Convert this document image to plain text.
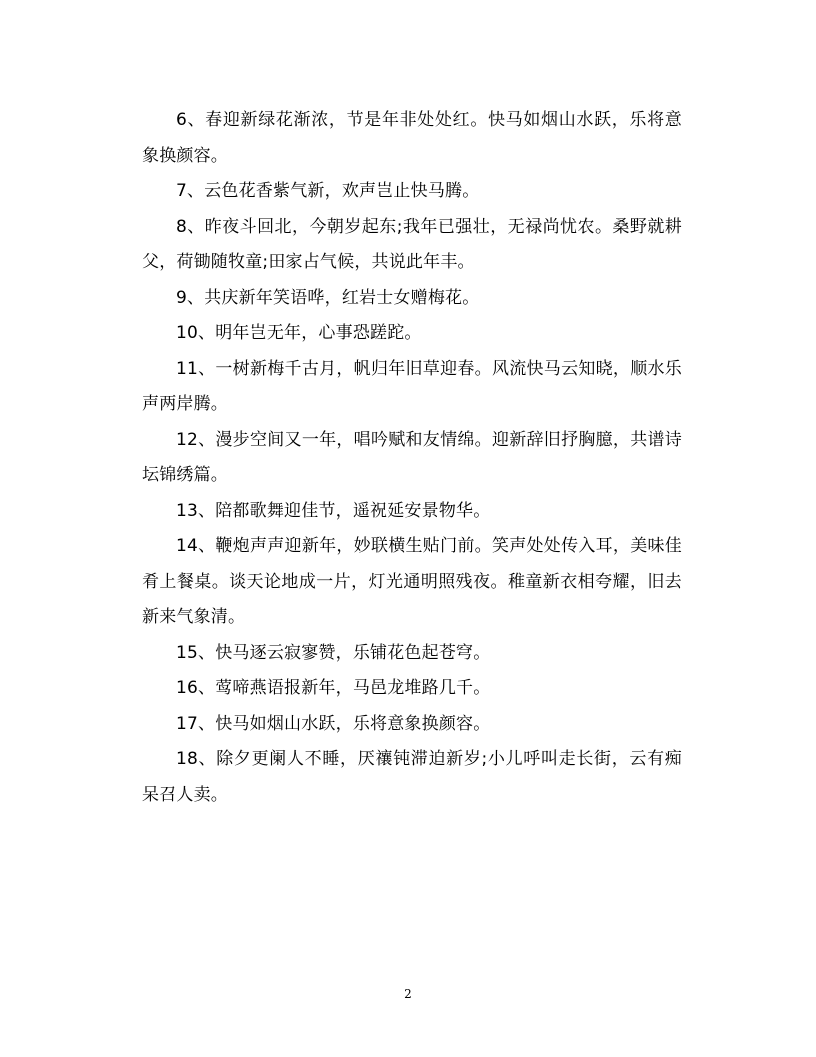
6、春迎新绿花渐浓，节是年非处处红。快马如烟山水跃，乐将意象换颜容。

7、云色花香紫气新，欢声岂止快马腾。

8、昨夜斗回北，今朝岁起东;我年已强壮，无禄尚忧农。桑野就耕父，荷锄随牧童;田家占气候，共说此年丰。

9、共庆新年笑语哗，红岩士女赠梅花。

10、明年岂无年，心事恐蹉跎。

11、一树新梅千古月，帆归年旧草迎春。风流快马云知晓，顺水乐声两岸腾。

12、漫步空间又一年，唱吟赋和友情绵。迎新辞旧抒胸臆，共谱诗坛锦绣篇。

13、陪都歌舞迎佳节，遥祝延安景物华。

14、鞭炮声声迎新年，妙联横生贴门前。笑声处处传入耳，美味佳肴上餐桌。谈天论地成一片，灯光通明照残夜。稚童新衣相夸耀，旧去新来气象清。

15、快马逐云寂寥赞，乐铺花色起苍穹。

16、莺啼燕语报新年，马邑龙堆路几千。

17、快马如烟山水跃，乐将意象换颜容。

18、除夕更阑人不睡，厌禳钝滞迫新岁;小儿呼叫走长街，云有痴呆召人卖。

2
